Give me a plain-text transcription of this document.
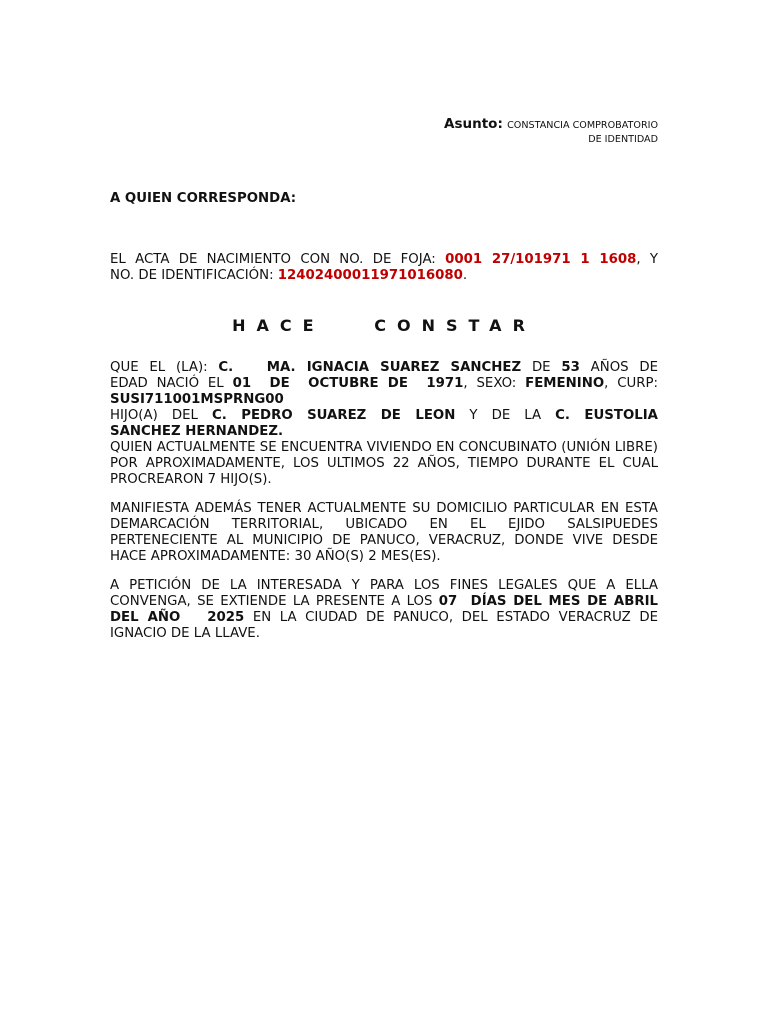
Asunto: CONSTANCIA COMPROBATORIO
DE IDENTIDAD
A QUIEN CORRESPONDA:
EL ACTA DE NACIMIENTO CON NO. DE FOJA: 0001 27/101971 1 1608, Y
NO. DE IDENTIFICACIÓN: 12402400011971016080.
HACE   CONSTAR
QUE EL (LA): C.   MA. IGNACIA SUAREZ SANCHEZ DE 53 AÑOS DE
EDAD NACIÓ EL 01  DE  OCTUBRE DE  1971, SEXO: FEMENINO, CURP:
SUSI711001MSPRNG00
HIJO(A) DEL C. PEDRO SUAREZ DE LEON Y DE LA C. EUSTOLIA
SANCHEZ HERNANDEZ.
QUIEN ACTUALMENTE SE ENCUENTRA VIVIENDO EN CONCUBINATO (UNIÓN LIBRE) POR APROXIMADAMENTE, LOS ULTIMOS 22 AÑOS, TIEMPO DURANTE EL CUAL PROCREARON 7 HIJO(S).
MANIFIESTA ADEMÁS TENER ACTUALMENTE SU DOMICILIO PARTICULAR EN ESTA DEMARCACIÓN TERRITORIAL, UBICADO EN EL EJIDO SALSIPUEDES PERTENECIENTE AL MUNICIPIO DE PANUCO, VERACRUZ, DONDE VIVE DESDE HACE APROXIMADAMENTE: 30 AÑO(S) 2 MES(ES).
A PETICIÓN DE LA INTERESADA Y PARA LOS FINES LEGALES QUE A ELLA CONVENGA, SE EXTIENDE LA PRESENTE A LOS 07  DÍAS DEL MES DE ABRIL       DEL AÑO   2025 EN LA CIUDAD DE PANUCO, DEL ESTADO VERACRUZ DE IGNACIO DE LA LLAVE.
